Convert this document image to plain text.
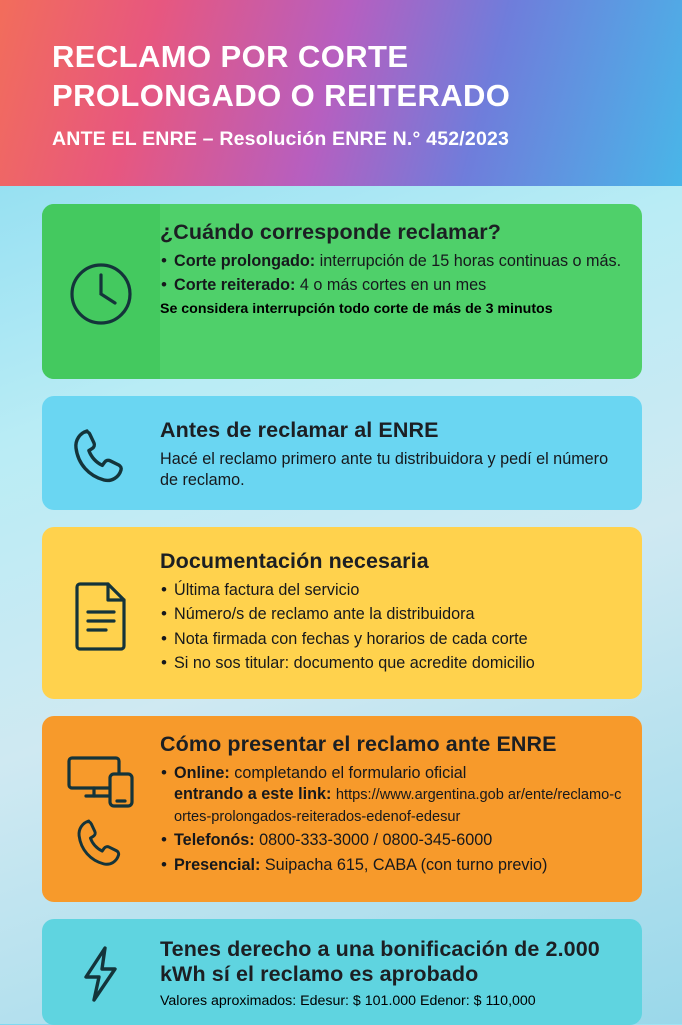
RECLAMO POR CORTE
PROLONGADO O REITERADO
ANTE EL ENRE – Resolución ENRE N.° 452/2023
¿Cuándo corresponde reclamar?
• Corte prolongado: interrupción de 15 horas continuas o más.
• Corte reiterado: 4 o más cortes en un mes
Se considera interrupción todo corte de más de 3 minutos
Antes de reclamar al ENRE

Hacé el reclamo primero ante tu distribuidora y pedí el número de reclamo.

Documentación necesaria
• Última factura del servicio
• Número/s de reclamo ante la distribuidora
• Nota firmada con fechas y horarios de cada corte
• Si no sos titular: documento que acredite domicilio
Cómo presentar el reclamo ante ENRE
• Online: completando el formulario oficial
entrando a este link: https://www.argentina.gob ar/ente/reclamo-cortes-prolongados-reiterados-edenof-edesur
• Telefonós: 0800-333-3000 / 0800-345-6000
• Presencial: Suipacha 615, CABA (con turno previo)
Tenes derecho a una bonificación de 2.000 kWh sí el reclamo es aprobado
Valores aproximados: Edesur: $ 101.000 Edenor: $ 110,000
